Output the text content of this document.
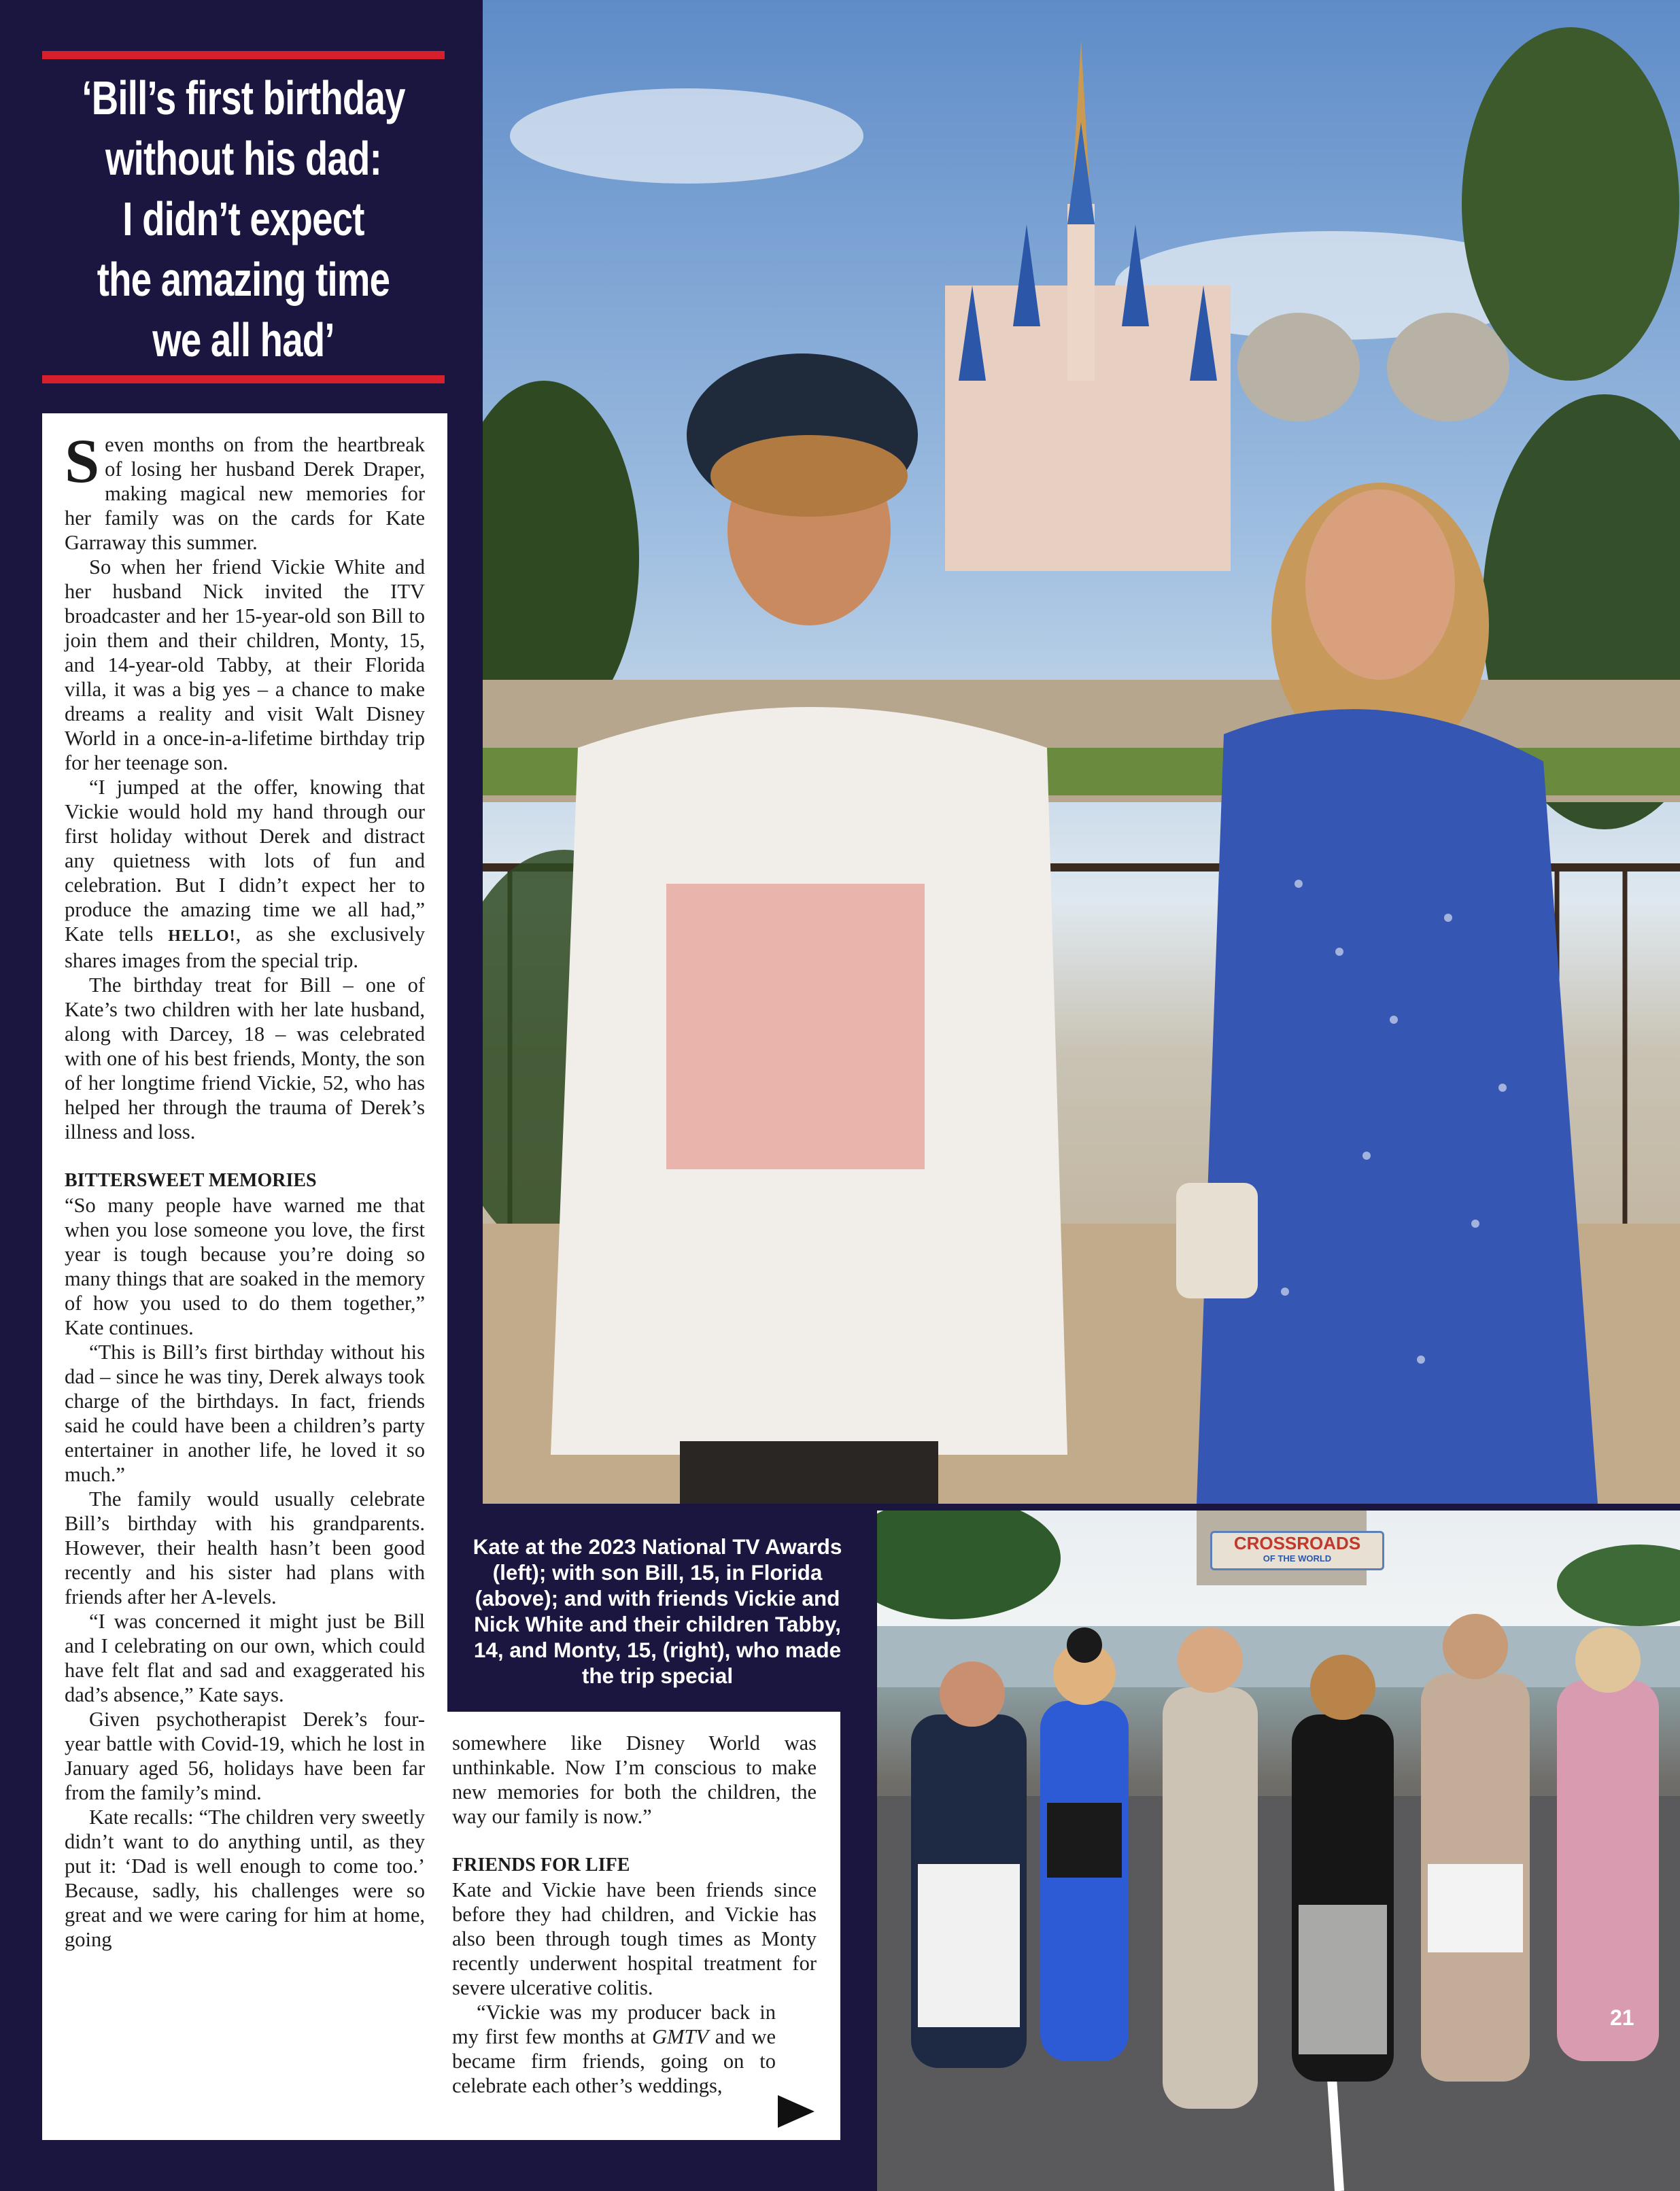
‘Bill’s first birthday
without his dad:
I didn’t expect
the amazing time
we all had’

Seven months on from the heartbreak of losing her husband Derek Draper, making magical new memories for her family was on the cards for Kate Garraway this summer.

So when her friend Vickie White and her husband Nick invited the ITV broadcaster and her 15-year-old son Bill to join them and their children, Monty, 15, and 14-year-old Tabby, at their Florida villa, it was a big yes – a chance to make dreams a reality and visit Walt Disney World in a once-in-a-lifetime birthday trip for her teenage son.

“I jumped at the offer, knowing that Vickie would hold my hand through our first holiday without Derek and distract any quietness with lots of fun and celebration. But I didn’t expect her to produce the amazing time we all had,” Kate tells HELLO!, as she exclusively shares images from the special trip.

The birthday treat for Bill – one of Kate’s two children with her late husband, along with Darcey, 18 – was celebrated with one of his best friends, Monty, the son of her longtime friend Vickie, 52, who has helped her through the trauma of Derek’s illness and loss.

BITTERSWEET MEMORIES

“So many people have warned me that when you lose someone you love, the first year is tough because you’re doing so many things that are soaked in the memory of how you used to do them together,” Kate continues.

“This is Bill’s first birthday without his dad – since he was tiny, Derek always took charge of the birthdays. In fact, friends said he could have been a children’s party entertainer in another life, he loved it so much.”

The family would usually celebrate Bill’s birthday with his grandparents. However, their health hasn’t been good recently and his sister had plans with friends after her A-levels.

“I was concerned it might just be Bill and I celebrating on our own, which could have felt flat and sad and exaggerated his dad’s absence,” Kate says.

Given psychotherapist Derek’s four-year battle with Covid-19, which he lost in January aged 56, holidays have been far from the family’s mind.

Kate recalls: “The children very sweetly didn’t want to do anything until, as they put it: ‘Dad is well enough to come too.’ Because, sadly, his challenges were so great and we were caring for him at home, going

somewhere like Disney World was unthinkable. Now I’m conscious to make new memories for both the children, the way our family is now.”

FRIENDS FOR LIFE

Kate and Vickie have been friends since before they had children, and Vickie has also been through tough times as Monty recently underwent hospital treatment for severe ulcerative colitis.

“Vickie was my producer back in my first few months at GMTV and we became firm friends, going on to celebrate each other’s weddings,

Kate at the 2023 National TV Awards (left); with son Bill, 15, in Florida (above); and with friends Vickie and Nick White and their children Tabby, 14, and Monty, 15, (right), who made the trip special
CROSSROADS
OF THE WORLD
21
